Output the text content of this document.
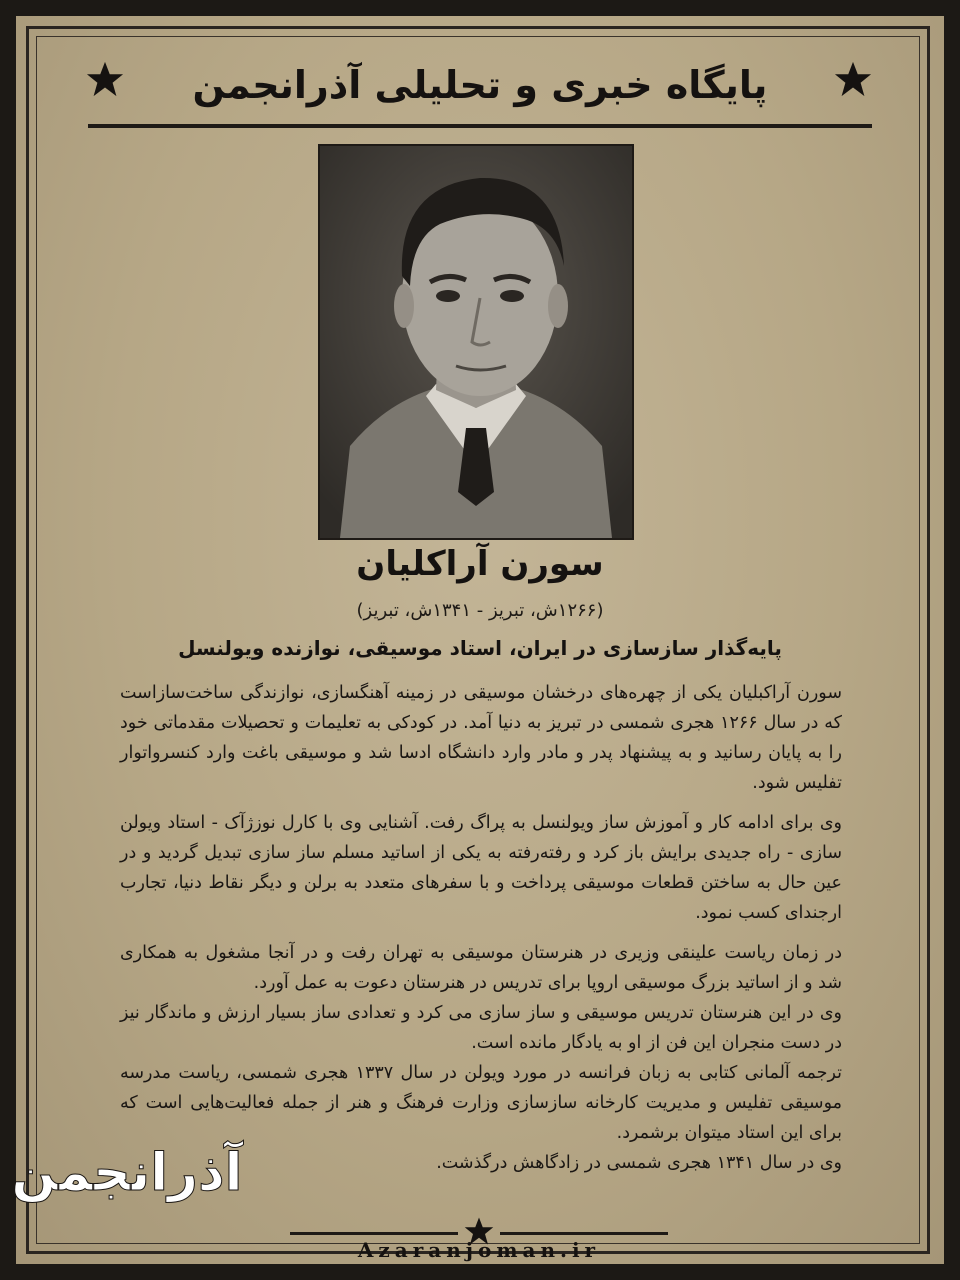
پایگاه خبری و تحلیلی آذرانجمن
سورن آراکلیان
(۱۲۶۶ش، تبریز - ۱۳۴۱ش، تبریز)
پایه‌گذار سازسازی در ایران، استاد موسیقی، نوازنده ویولنسل

سورن آراکبلیان یکی از چهره‌های درخشان موسیقی در زمینه آهنگسازی، نوازندگی ساخت‌سازاست که در سال ۱۲۶۶ هجری شمسی در تبریز به دنیا آمد. در کودکی به تعلیمات و تحصیلات مقدماتی خود را به پایان رسانید و به پیشنهاد پدر و مادر وارد دانشگاه ادسا شد و موسیقی باغت وارد کنسرواتوار تفلیس شود.

وی برای ادامه کار و آموزش ساز ویولنسل به پراگ رفت. آشنایی وی با کارل نوزژآک - استاد ویولن سازی - راه جدیدی برایش باز کرد و رفته‌رفته به یکی از اساتید مسلم ساز سازی تبدیل گردید و در عین حال به ساختن قطعات موسیقی پرداخت و با سفرهای متعدد به برلن و دیگر نقاط دنیا، تجارب ارجندای کسب نمود.

در زمان ریاست علینقی وزیری در هنرستان موسیقی به تهران رفت و در آنجا مشغول به همکاری شد و از اساتید بزرگ موسیقی اروپا برای تدریس در هنرستان دعوت به عمل آورد.

وی در این هنرستان تدریس موسیقی و ساز سازی می کرد و تعدادی ساز بسیار ارزش و ماندگار نیز در دست منجران این فن از او به یادگار مانده است.

ترجمه آلمانی کتابی به زبان فرانسه در مورد ویولن در سال ۱۳۳۷ هجری شمسی، ریاست مدرسه موسیقی تفلیس و مدیریت کارخانه سازسازی وزارت فرهنگ و هنر از جمله فعالیت‌هایی است که برای این استاد میتوان برشمرد.

وی در سال ۱۳۴۱ هجری شمسی در زادگاهش درگذشت.

آذرانجمن
Azaranjoman.ir
